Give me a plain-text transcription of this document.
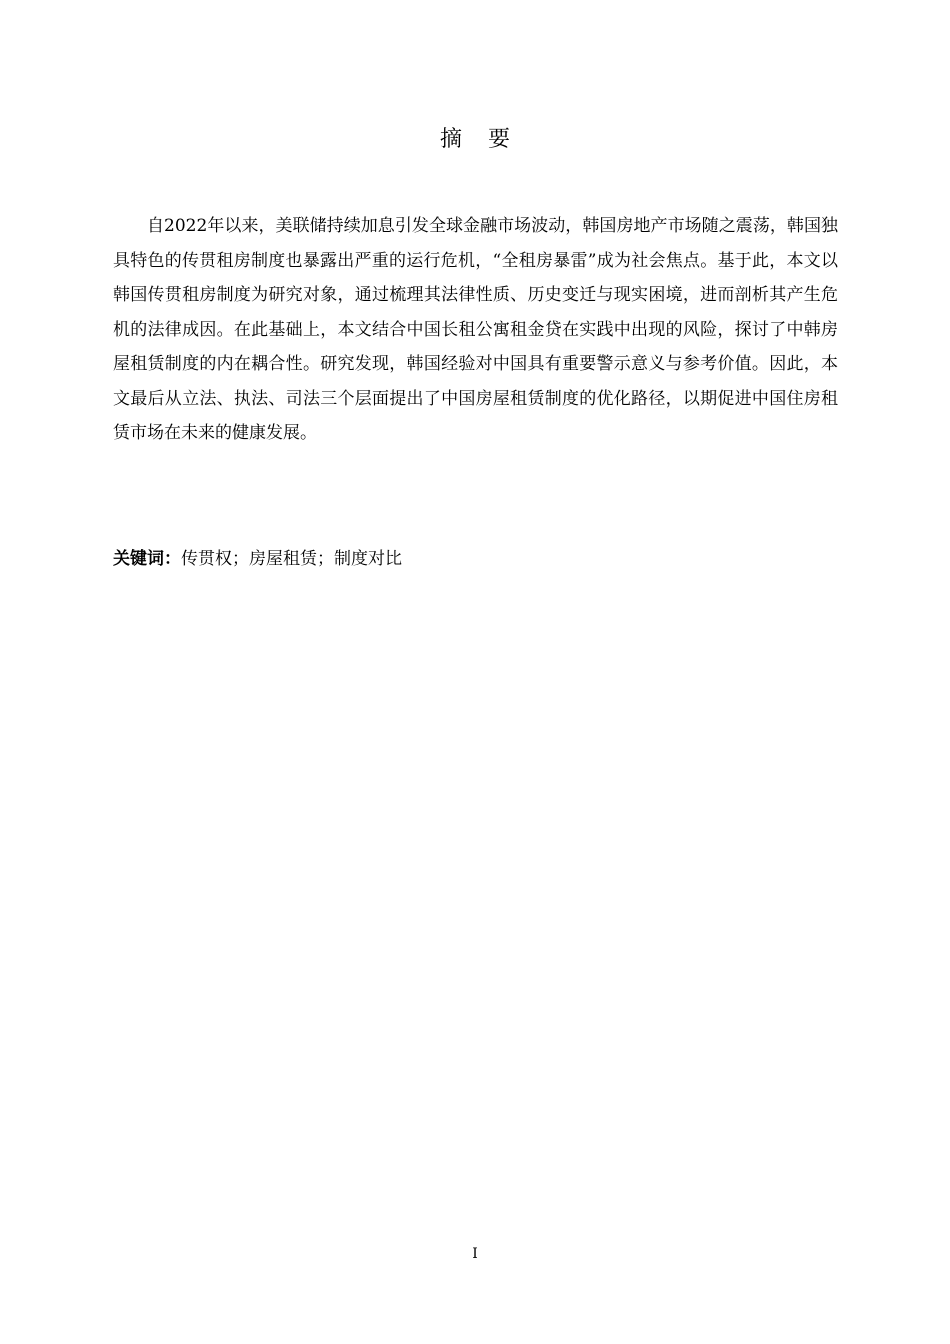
摘要

自2022年以来，美联储持续加息引发全球金融市场波动，韩国房地产市场随之震荡，韩国独具特色的传贯租房制度也暴露出严重的运行危机，“全租房暴雷”成为社会焦点。基于此，本文以韩国传贯租房制度为研究对象，通过梳理其法律性质、历史变迁与现实困境，进而剖析其产生危机的法律成因。在此基础上，本文结合中国长租公寓租金贷在实践中出现的风险，探讨了中韩房屋租赁制度的内在耦合性。研究发现，韩国经验对中国具有重要警示意义与参考价值。因此，本文最后从立法、执法、司法三个层面提出了中国房屋租赁制度的优化路径，以期促进中国住房租赁市场在未来的健康发展。

关键词：传贯权；房屋租赁；制度对比
I
